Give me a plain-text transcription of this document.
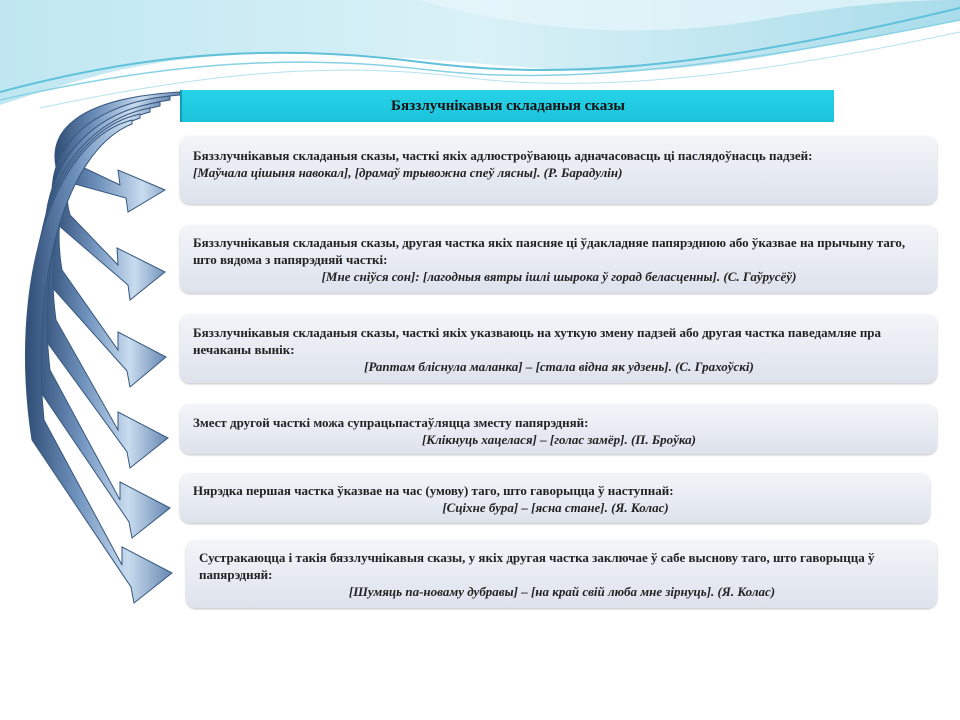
Бяззлучнікавыя складаныя сказы
Бяззлучнікавыя складаныя сказы, часткі якіх адлюстроўваюць адначасовасць ці паслядоўнасць падзей:
[Маўчала цішыня навокал], [драмаў трывожна спеў лясны]. (Р. Барадулін)
Бяззлучнікавыя складаныя сказы, другая частка якіх паясняе ці ўдакладняе папярэднюю або ўказвае на прычыну таго, што вядома з папярэдняй часткі:
[Мне сніўся сон]: [лагодныя вятры ішлі шырока ў горад беласценны]. (С. Гаўрусёў)
Бяззлучнікавыя складаныя сказы, часткі якіх указваюць на хуткую змену падзей або другая частка паведамляе пра нечаканы вынік:
[Раптам бліснула маланка] – [стала відна як удзень]. (С. Грахоўскі)
Змест другой часткі можа супрацьпастаўляцца зместу папярэдняй:
[Клікнуць хацелася] – [голас замёр]. (П. Броўка)
Нярэдка першая частка ўказвае на час (умову) таго, што гаворыцца ў наступнай:
[Сціхне бура] – [ясна стане]. (Я. Колас)
Сустракаюцца і такія бяззлучнікавыя сказы, у якіх другая частка заключае ў сабе выснову таго, што гаворыцца ў папярэдняй:
[Шумяць па-новаму дубравы] – [на край свій люба мне зірнуць]. (Я. Колас)
